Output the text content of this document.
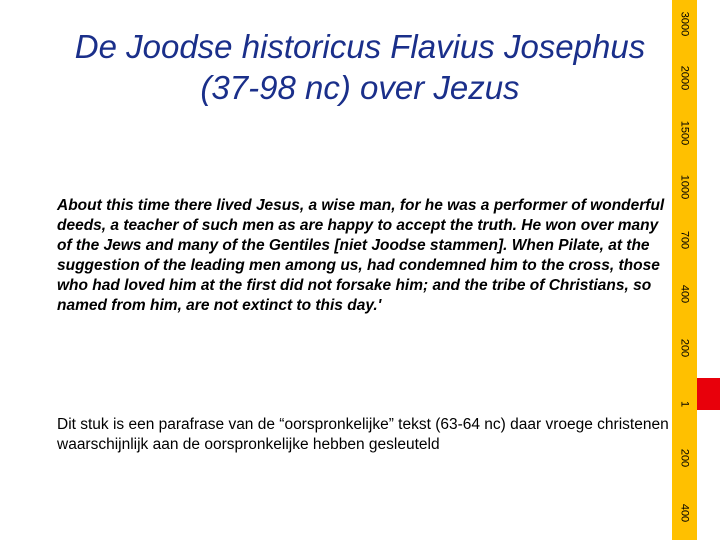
3000
2000
1500
1000
700
400
200
1
200
400
De Joodse historicus Flavius Josephus
(37-98 nc) over Jezus

About this time there lived Jesus, a wise man, for he was a performer of wonderful deeds, a teacher of such men as are happy to accept the truth. He won over many of the Jews and many of the Gentiles [niet Joodse stammen]. When Pilate, at the suggestion of the leading men among us, had condemned him to the cross, those who had loved him at the first did not forsake him; and the tribe of Christians, so named from him, are not extinct to this day.'

Dit stuk is een parafrase van de “oorspronkelijke” tekst (63-64 nc) daar vroege christenen waarschijnlijk aan de oorspronkelijke hebben gesleuteld
